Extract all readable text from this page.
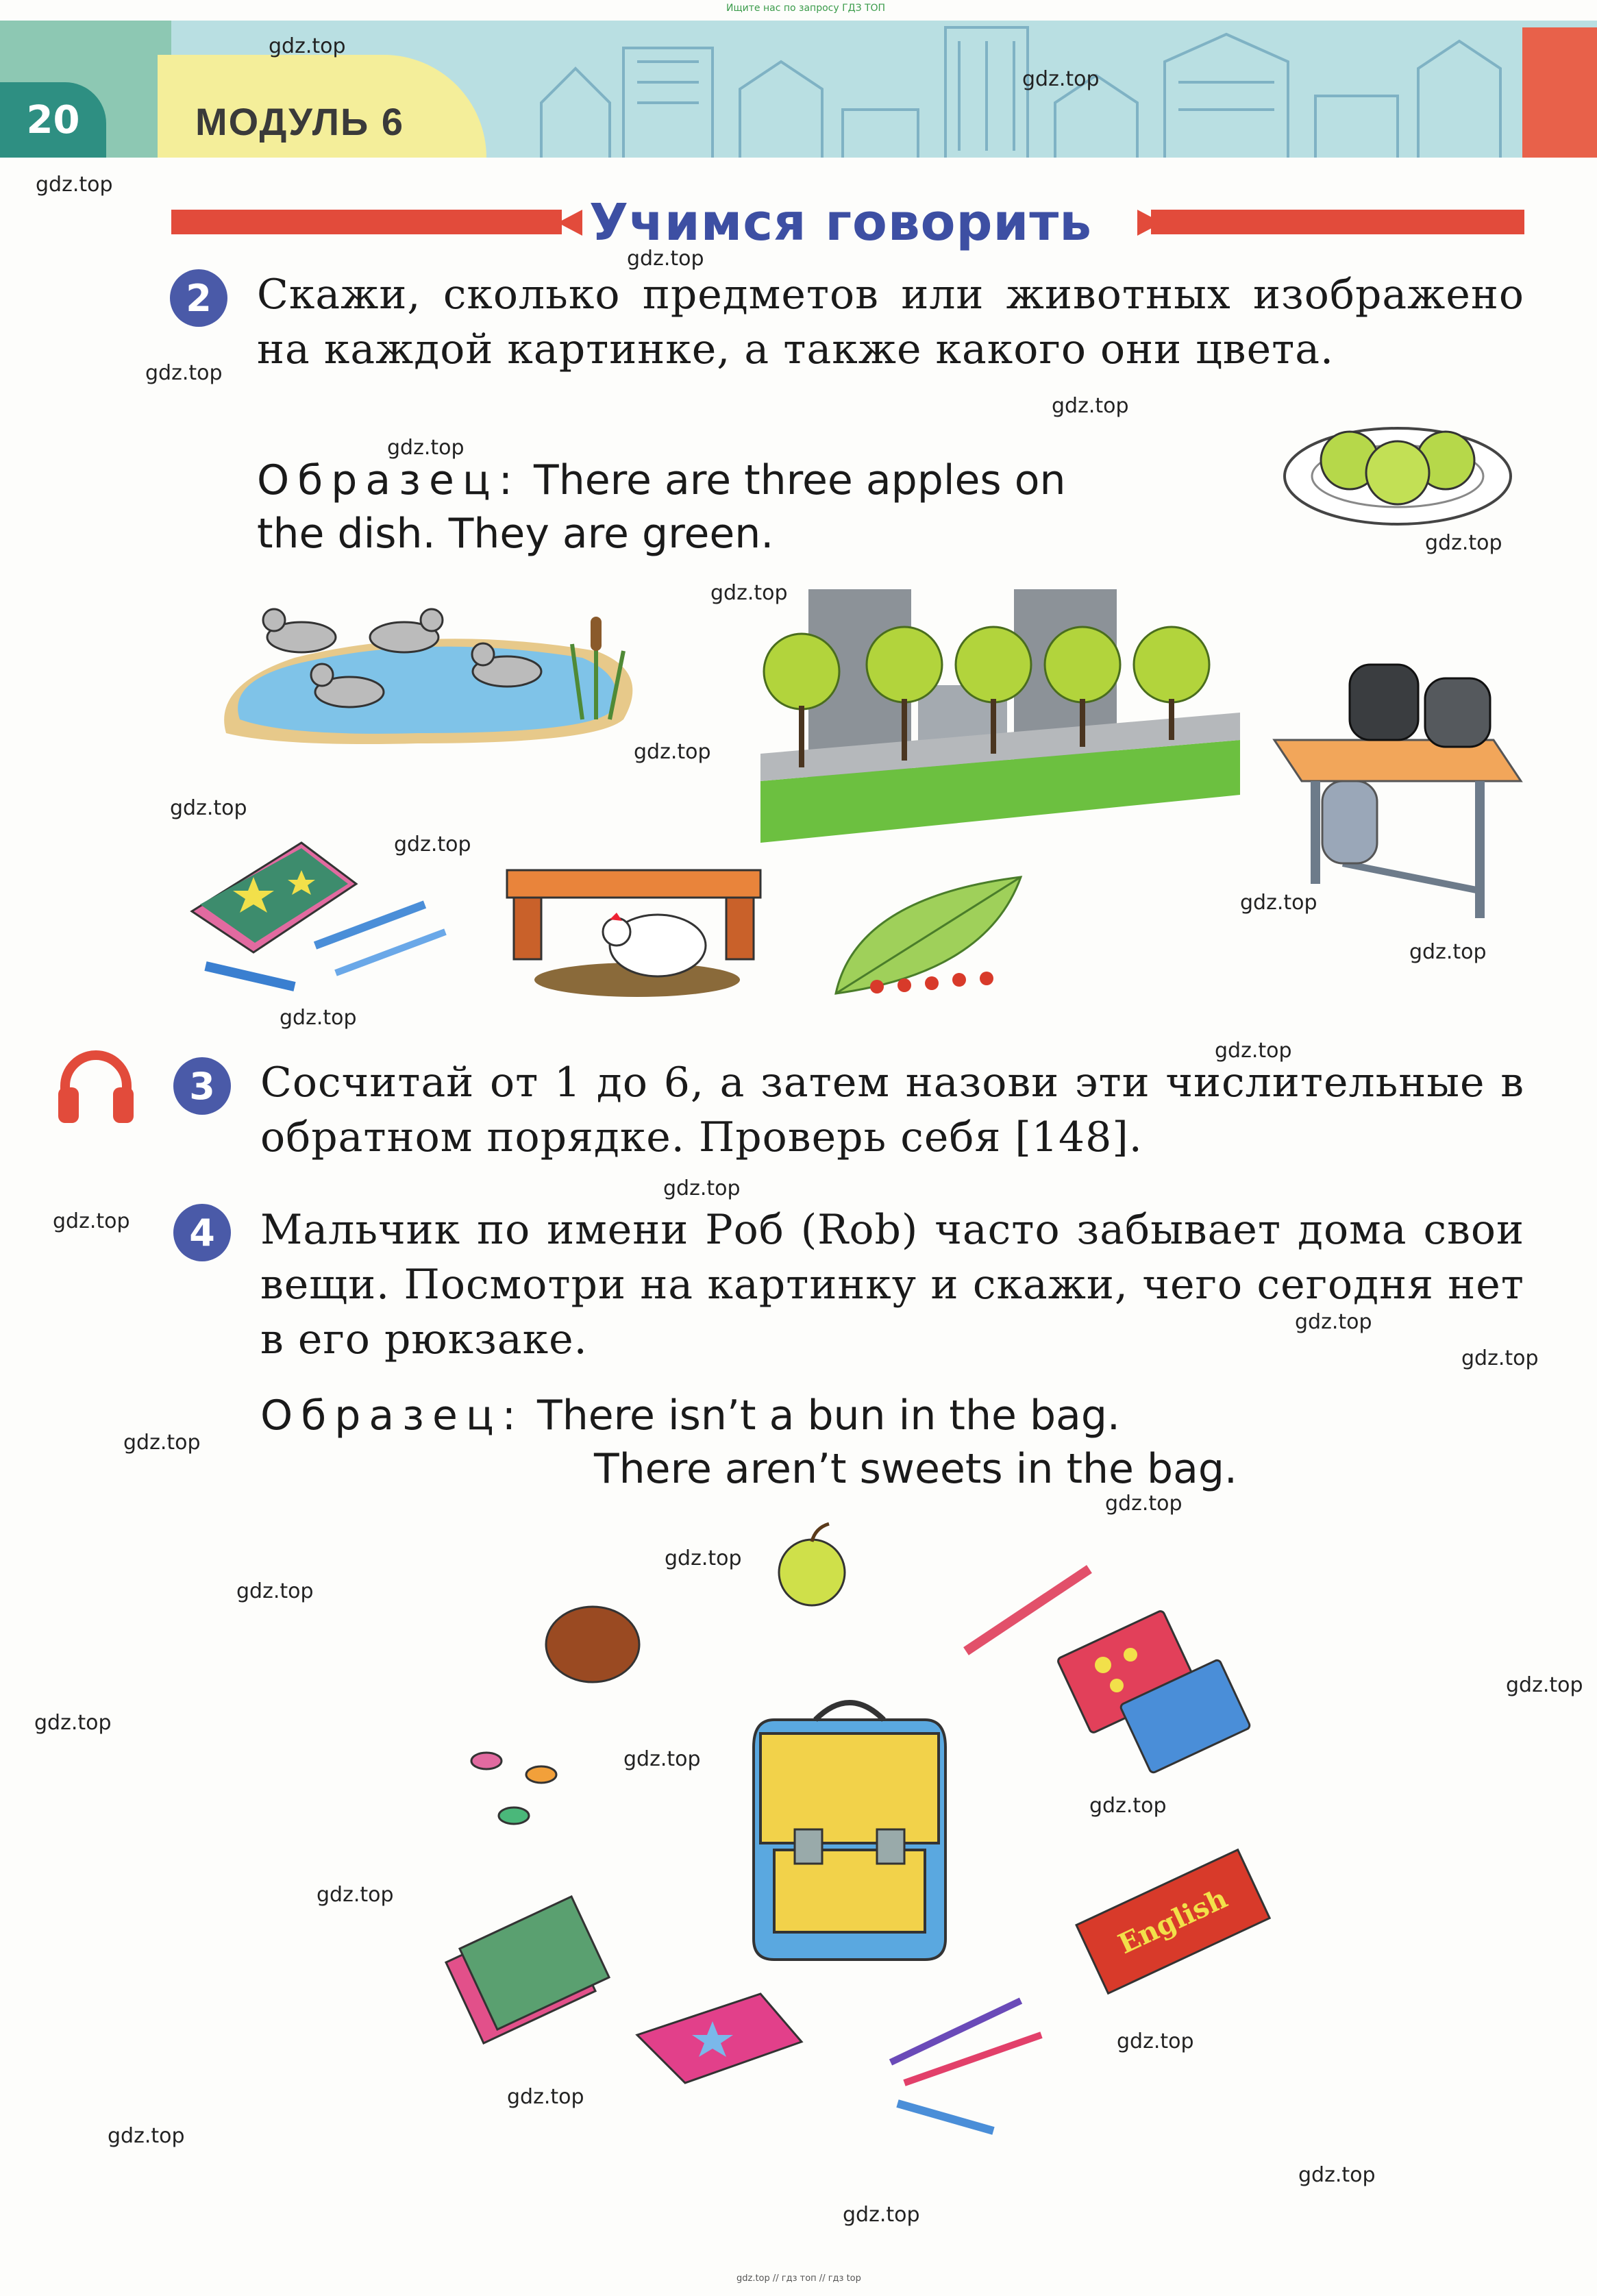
20	МОДУЛЬ 6
Ищите нас по запросу ГДЗ ТОП
Учимся говорить
2	Скажи, сколько предметов или животных изображено на каждой картинке, а также какого они цвета.
Образец: There are three apples on
the dish. They are green.
3	Сосчитай от 1 до 6, а затем назови эти числительные в обратном порядке. Проверь себя [148].
4	Мальчик по имени Роб (Rob) часто забывает дома свои вещи. Посмотри на картинку и скажи, чего сегодня нет в его рюкзаке.
Образец: There isn’t a bun in the bag.
There aren’t sweets in the bag.
English
gdz.top
gdz.top
gdz.top
gdz.top
gdz.top
gdz.top
gdz.top
gdz.top
gdz.top
gdz.top
gdz.top
gdz.top
gdz.top
gdz.top
gdz.top
gdz.top
gdz.top
gdz.top
gdz.top
gdz.top
gdz.top
gdz.top
gdz.top
gdz.top
gdz.top
gdz.top
gdz.top
gdz.top
gdz.top
gdz.top
gdz.top
gdz.top
gdz.top
gdz.top
gdz.top // гдз топ // гдз top
